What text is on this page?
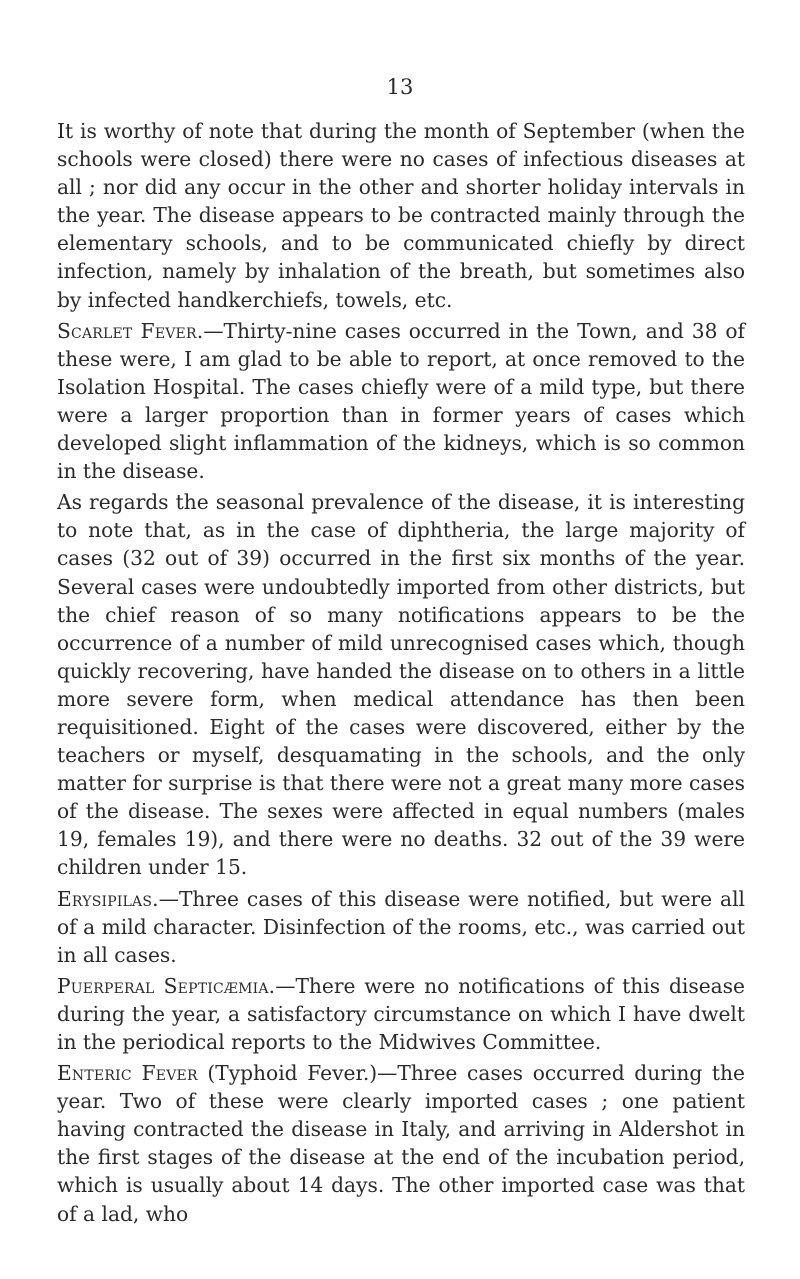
13

It is worthy of note that during the month of September (when the schools were closed) there were no cases of infectious diseases at all ; nor did any occur in the other and shorter holiday intervals in the year. The disease appears to be contracted mainly through the elementary schools, and to be communicated chiefly by direct infection, namely by inhalation of the breath, but sometimes also by infected handkerchiefs, towels, etc.

Scarlet Fever.—Thirty-nine cases occurred in the Town, and 38 of these were, I am glad to be able to report, at once removed to the Isolation Hospital. The cases chiefly were of a mild type, but there were a larger proportion than in former years of cases which developed slight inflammation of the kidneys, which is so common in the disease.

As regards the seasonal prevalence of the disease, it is interesting to note that, as in the case of diphtheria, the large majority of cases (32 out of 39) occurred in the first six months of the year. Several cases were undoubtedly imported from other districts, but the chief reason of so many notifications appears to be the occurrence of a number of mild unrecognised cases which, though quickly recovering, have handed the disease on to others in a little more severe form, when medical attendance has then been requisitioned. Eight of the cases were discovered, either by the teachers or myself, desquamating in the schools, and the only matter for surprise is that there were not a great many more cases of the disease. The sexes were affected in equal numbers (males 19, females 19), and there were no deaths. 32 out of the 39 were children under 15.

Erysipilas.—Three cases of this disease were notified, but were all of a mild character. Disinfection of the rooms, etc., was carried out in all cases.

Puerperal Septicæmia.—There were no notifications of this disease during the year, a satisfactory circumstance on which I have dwelt in the periodical reports to the Midwives Committee.

Enteric Fever (Typhoid Fever.)—Three cases occurred during the year. Two of these were clearly imported cases ; one patient having contracted the disease in Italy, and arriving in Aldershot in the first stages of the disease at the end of the incubation period, which is usually about 14 days. The other imported case was that of a lad, who
